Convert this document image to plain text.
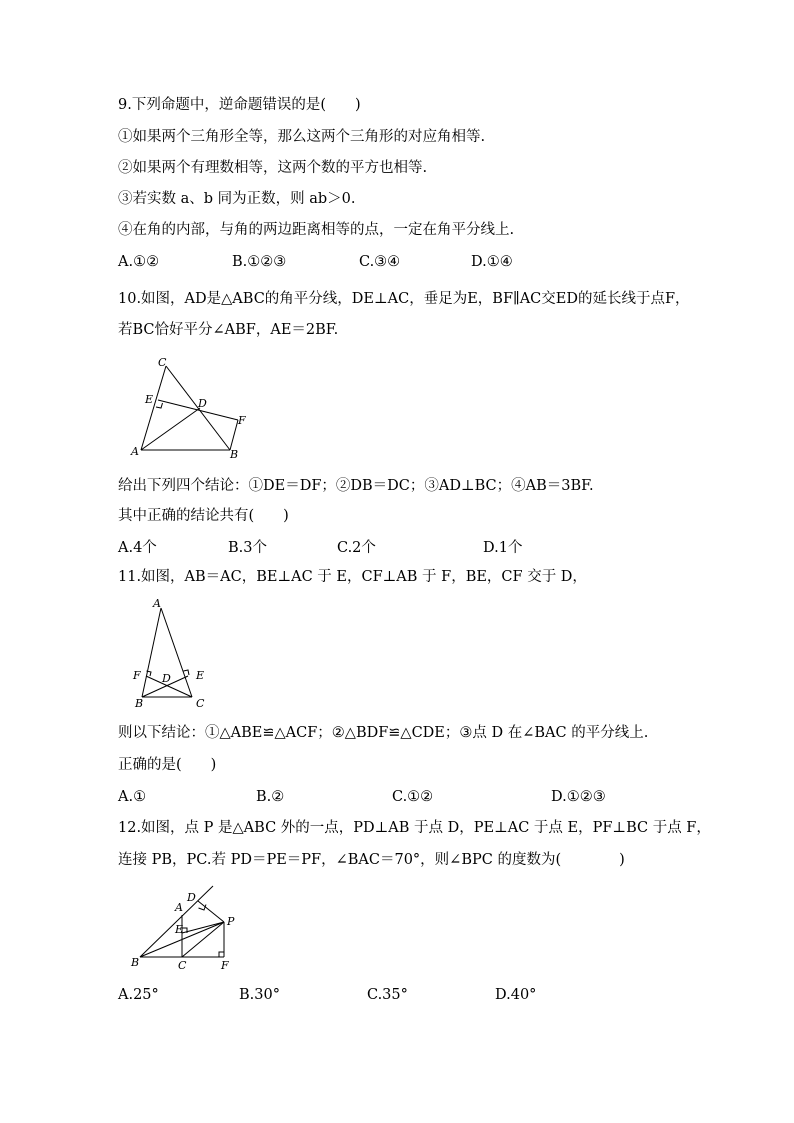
9.下列命题中，逆命题错误的是(　　)
①如果两个三角形全等，那么这两个三角形的对应角相等.
②如果两个有理数相等，这两个数的平方也相等.
③若实数 a、b 同为正数，则 ab＞0.
④在角的内部，与角的两边距离相等的点，一定在角平分线上.
A.①②	B.①②③	C.③④	D.①④
10.如图，AD是△ABC的角平分线，DE⊥AC，垂足为E，BF∥AC交ED的延长线于点F，
若BC恰好平分∠ABF，AE＝2BF.
C
E	D
F
A	B
给出下列四个结论：①DE＝DF；②DB＝DC；③AD⊥BC；④AB＝3BF.
其中正确的结论共有(　　)
A.4个	B.3个	C.2个	D.1个
11.如图，AB＝AC，BE⊥AC 于 E，CF⊥AB 于 F，BE，CF 交于 D，
A
F D E
B	C
则以下结论：①△ABE≌△ACF；②△BDF≌△CDE；③点 D 在∠BAC 的平分线上.
正确的是(　　)
A.①	B.②	C.①②	D.①②③
12.如图，点 P 是△ABC 外的一点，PD⊥AB 于点 D，PE⊥AC 于点 E，PF⊥BC 于点 F，
连接 PB，PC.若 PD＝PE＝PF，∠BAC＝70°，则∠BPC 的度数为(　　　　)
D
A
E
P
B	C	F
A.25°	B.30°	C.35°	D.40°
